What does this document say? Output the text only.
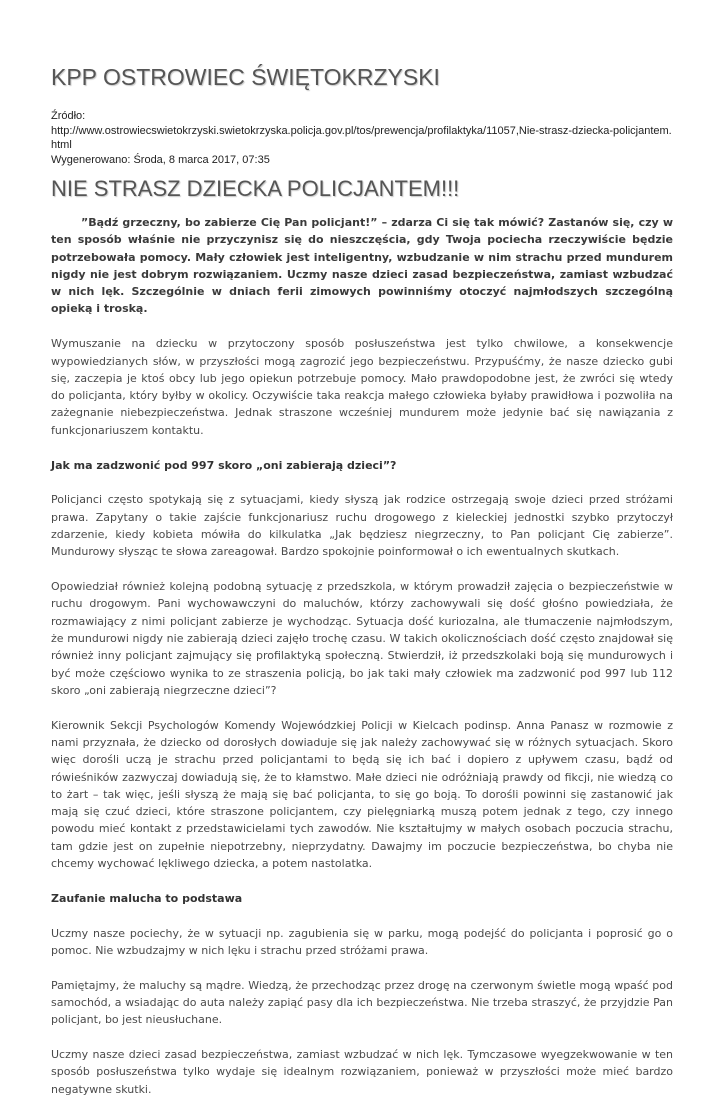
KPP OSTROWIEC ŚWIĘTOKRZYSKI
Źródło:
http://www.ostrowiecswietokrzyski.swietokrzyska.policja.gov.pl/tos/prewencja/profilaktyka/11057,Nie-strasz-dziecka-policjantem.html
Wygenerowano: Środa, 8 marca 2017, 07:35
NIE STRASZ DZIECKA POLICJANTEM!!!

”Bądź grzeczny, bo zabierze Cię Pan policjant!” – zdarza Ci się tak mówić? Zastanów się, czy w ten sposób właśnie nie przyczynisz się do nieszczęścia, gdy Twoja pociecha rzeczywiście będzie potrzebowała pomocy. Mały człowiek jest inteligentny, wzbudzanie w nim strachu przed mundurem nigdy nie jest dobrym rozwiązaniem. Uczmy nasze dzieci zasad bezpieczeństwa, zamiast wzbudzać w nich lęk. Szczególnie w dniach ferii zimowych powinniśmy otoczyć najmłodszych szczególną opieką i troską.

Wymuszanie na dziecku w przytoczony sposób posłuszeństwa jest tylko chwilowe, a konsekwencje wypowiedzianych słów, w przyszłości mogą zagrozić jego bezpieczeństwu. Przypuśćmy, że nasze dziecko gubi się, zaczepia je ktoś obcy lub jego opiekun potrzebuje pomocy. Mało prawdopodobne jest, że zwróci się wtedy do policjanta, który byłby w okolicy. Oczywiście taka reakcja małego człowieka byłaby prawidłowa i pozwoliła na zażegnanie niebezpieczeństwa. Jednak straszone wcześniej mundurem może jedynie bać się nawiązania z funkcjonariuszem kontaktu.

Jak ma zadzwonić pod 997 skoro „oni zabierają dzieci”?

Policjanci często spotykają się z sytuacjami, kiedy słyszą jak rodzice ostrzegają swoje dzieci przed stróżami prawa. Zapytany o takie zajście funkcjonariusz ruchu drogowego z kieleckiej jednostki szybko przytoczył zdarzenie, kiedy kobieta mówiła do kilkulatka „Jak będziesz niegrzeczny, to Pan policjant Cię zabierze”. Mundurowy słysząc te słowa zareagował. Bardzo spokojnie poinformował o ich ewentualnych skutkach.

Opowiedział również kolejną podobną sytuację z przedszkola, w którym prowadził zajęcia o bezpieczeństwie w ruchu drogowym. Pani wychowawczyni do maluchów, którzy zachowywali się dość głośno powiedziała, że rozmawiający z nimi policjant zabierze je wychodząc. Sytuacja dość kuriozalna, ale tłumaczenie najmłodszym, że mundurowi nigdy nie zabierają dzieci zajęło trochę czasu. W takich okolicznościach dość często znajdował się również inny policjant zajmujący się profilaktyką społeczną. Stwierdził, iż przedszkolaki boją się mundurowych i być może częściowo wynika to ze straszenia policją, bo jak taki mały człowiek ma zadzwonić pod 997 lub 112 skoro „oni zabierają niegrzeczne dzieci”?

Kierownik Sekcji Psychologów Komendy Wojewódzkiej Policji w Kielcach podinsp. Anna Panasz w rozmowie z nami przyznała, że dziecko od dorosłych dowiaduje się jak należy zachowywać się w różnych sytuacjach. Skoro więc dorośli uczą je strachu przed policjantami to będą się ich bać i dopiero z upływem czasu, bądź od rówieśników zazwyczaj dowiadują się, że to kłamstwo. Małe dzieci nie odróżniają prawdy od fikcji, nie wiedzą co to żart – tak więc, jeśli słyszą że mają się bać policjanta, to się go boją. To dorośli powinni się zastanowić jak mają się czuć dzieci, które straszone policjantem, czy pielęgniarką muszą potem jednak z tego, czy innego powodu mieć kontakt z przedstawicielami tych zawodów. Nie kształtujmy w małych osobach poczucia strachu, tam gdzie jest on zupełnie niepotrzebny, nieprzydatny. Dawajmy im poczucie bezpieczeństwa, bo chyba nie chcemy wychować lękliwego dziecka, a potem nastolatka.

Zaufanie malucha to podstawa

Uczmy nasze pociechy, że w sytuacji np. zagubienia się w parku, mogą podejść do policjanta i poprosić go o pomoc. Nie wzbudzajmy w nich lęku i strachu przed stróżami prawa.

Pamiętajmy, że maluchy są mądre. Wiedzą, że przechodząc przez drogę na czerwonym świetle mogą wpaść pod samochód, a wsiadając do auta należy zapiąć pasy dla ich bezpieczeństwa. Nie trzeba straszyć, że przyjdzie Pan policjant, bo jest nieusłuchane.

Uczmy nasze dzieci zasad bezpieczeństwa, zamiast wzbudzać w nich lęk. Tymczasowe wyegzekwowanie w ten sposób posłuszeństwa tylko wydaje się idealnym rozwiązaniem, ponieważ w przyszłości może mieć bardzo negatywne skutki.
